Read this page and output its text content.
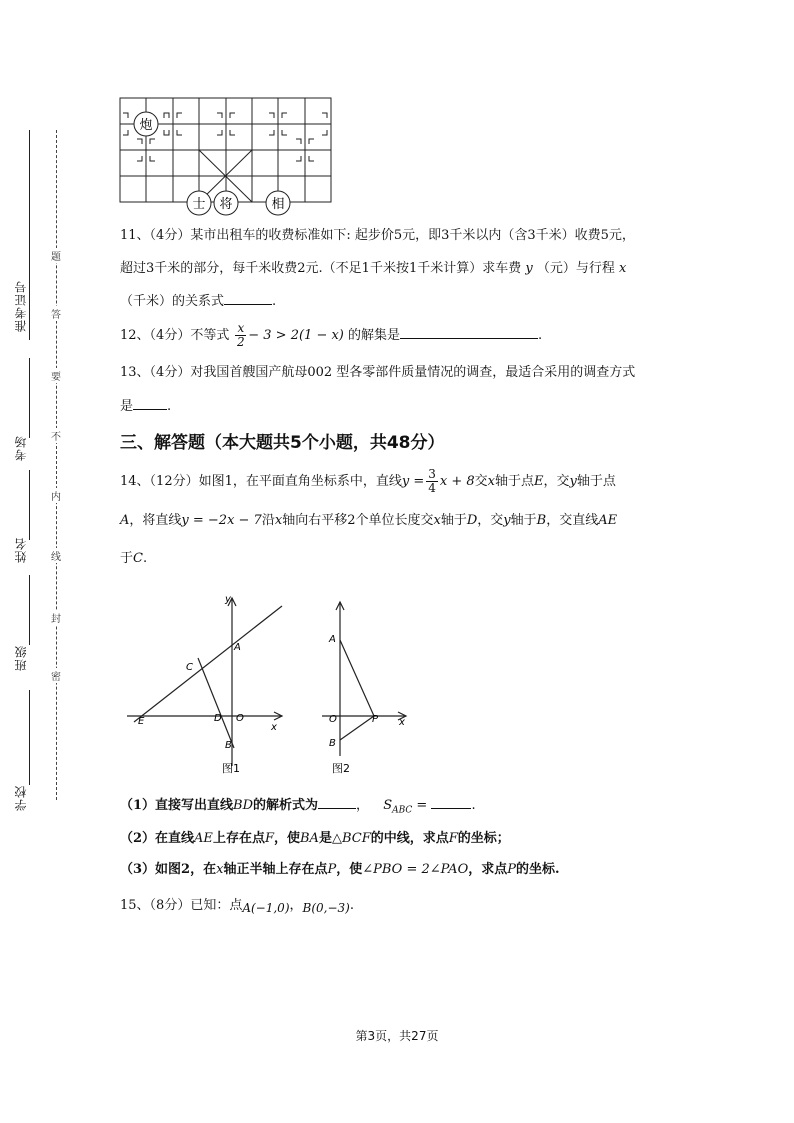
准考证号
考场
姓名
班级
学校
题
答
要
不
内
线
封
密
炮
士 将	相
11、（4分）某市出租车的收费标准如下: 起步价5元，即3千米以内（含3千米）收费5元，
超过3千米的部分，每千米收费2元.（不足1千米按1千米计算）求车费 y （元）与行程 x
（千米）的关系式	.
12、（4分）不等式 $\frac{x}{2} - 3 > 2(1 - x)$ 的解集是	.
13、（4分）对我国首艘国产航母002 型各零部件质量情况的调查，最适合采用的调查方式
是	.
三、解答题（本大题共5个小题，共48分）
14、（12分）如图1，在平面直角坐标系中，直线$y = \frac{3}{4}$ x + 8交x轴于点E，交y轴于点
A，将直线y = −2x − 7沿x轴向右平移2个单位长度交x轴于D，交y轴于B，交直线AE
于C.
y
x
A
C
E	D O
B
图1
A
O	P x
B
图2
（1）直接写出直线BD的解析式为	， $S_{ABC}$ =	.
（2）在直线AE上存在点F，使BA是△BCF的中线，求点F的坐标；
（3）如图2，在x轴正半轴上存在点P，使∠PBO = 2∠PAO，求点P的坐标.
15、（8分）已知：点A(−1,0)，B(0,−3).
第3页，共27页
